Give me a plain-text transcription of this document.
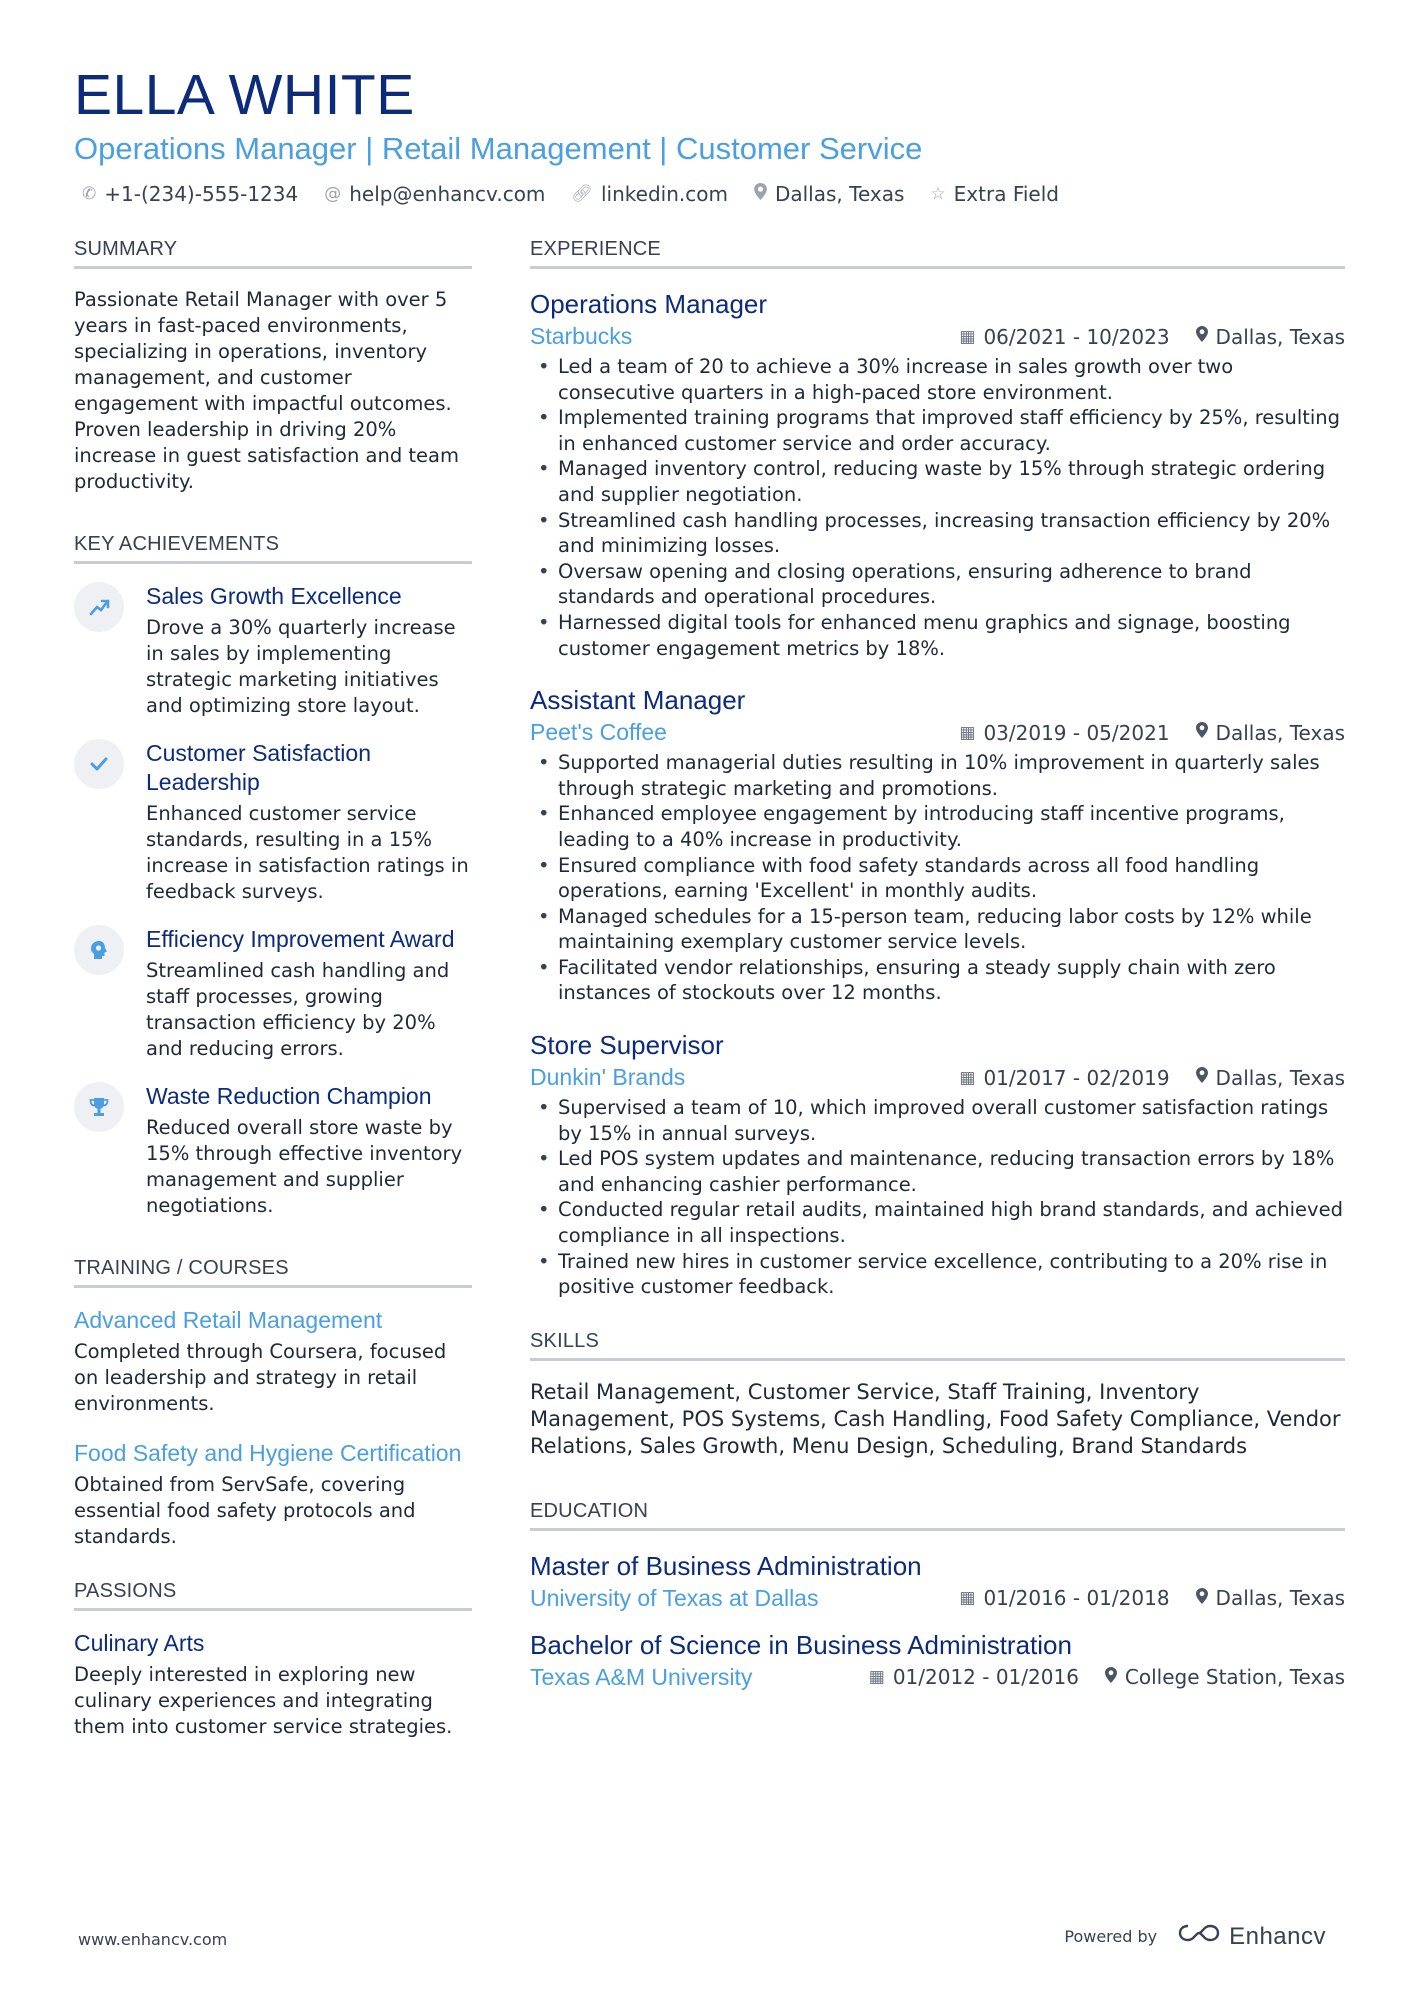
ELLA WHITE
Operations Manager | Retail Management | Customer Service
✆ +1-(234)-555-1234 @ help@enhancv.com 🔗︎ linkedin.com Dallas, Texas ☆ Extra Field
SUMMARY
Passionate Retail Manager with over 5 years in fast-paced environments, specializing in operations, inventory management, and customer engagement with impactful outcomes. Proven leadership in driving 20% increase in guest satisfaction and team productivity.
KEY ACHIEVEMENTS
Sales Growth Excellence
Drove a 30% quarterly increase in sales by implementing strategic marketing initiatives and optimizing store layout.
Customer Satisfaction Leadership
Enhanced customer service standards, resulting in a 15% increase in satisfaction ratings in feedback surveys.
Efficiency Improvement Award
Streamlined cash handling and staff processes, growing transaction efficiency by 20% and reducing errors.
Waste Reduction Champion
Reduced overall store waste by 15% through effective inventory management and supplier negotiations.
TRAINING / COURSES
Advanced Retail Management
Completed through Coursera, focused on leadership and strategy in retail environments.
Food Safety and Hygiene Certification
Obtained from ServSafe, covering essential food safety protocols and standards.
PASSIONS
Culinary Arts
Deeply interested in exploring new culinary experiences and integrating them into customer service strategies.
EXPERIENCE
Operations Manager
Starbucks	▦ 06/2021 - 10/2023 Dallas, Texas
• Led a team of 20 to achieve a 30% increase in sales growth over two consecutive quarters in a high-paced store environment.
• Implemented training programs that improved staff efficiency by 25%, resulting in enhanced customer service and order accuracy.
• Managed inventory control, reducing waste by 15% through strategic ordering and supplier negotiation.
• Streamlined cash handling processes, increasing transaction efficiency by 20% and minimizing losses.
• Oversaw opening and closing operations, ensuring adherence to brand standards and operational procedures.
• Harnessed digital tools for enhanced menu graphics and signage, boosting customer engagement metrics by 18%.
Assistant Manager
Peet's Coffee	▦ 03/2019 - 05/2021 Dallas, Texas
• Supported managerial duties resulting in 10% improvement in quarterly sales through strategic marketing and promotions.
• Enhanced employee engagement by introducing staff incentive programs, leading to a 40% increase in productivity.
• Ensured compliance with food safety standards across all food handling operations, earning 'Excellent' in monthly audits.
• Managed schedules for a 15-person team, reducing labor costs by 12% while maintaining exemplary customer service levels.
• Facilitated vendor relationships, ensuring a steady supply chain with zero instances of stockouts over 12 months.
Store Supervisor
Dunkin' Brands	▦ 01/2017 - 02/2019 Dallas, Texas
• Supervised a team of 10, which improved overall customer satisfaction ratings by 15% in annual surveys.
• Led POS system updates and maintenance, reducing transaction errors by 18% and enhancing cashier performance.
• Conducted regular retail audits, maintained high brand standards, and achieved compliance in all inspections.
• Trained new hires in customer service excellence, contributing to a 20% rise in positive customer feedback.
SKILLS
Retail Management, Customer Service, Staff Training, Inventory Management, POS Systems, Cash Handling, Food Safety Compliance, Vendor Relations, Sales Growth, Menu Design, Scheduling, Brand Standards
EDUCATION
Master of Business Administration
University of Texas at Dallas	▦ 01/2016 - 01/2018 Dallas, Texas
Bachelor of Science in Business Administration
Texas A&M University	▦ 01/2012 - 01/2016 College Station, Texas
www.enhancv.com	Powered by	Enhancv
